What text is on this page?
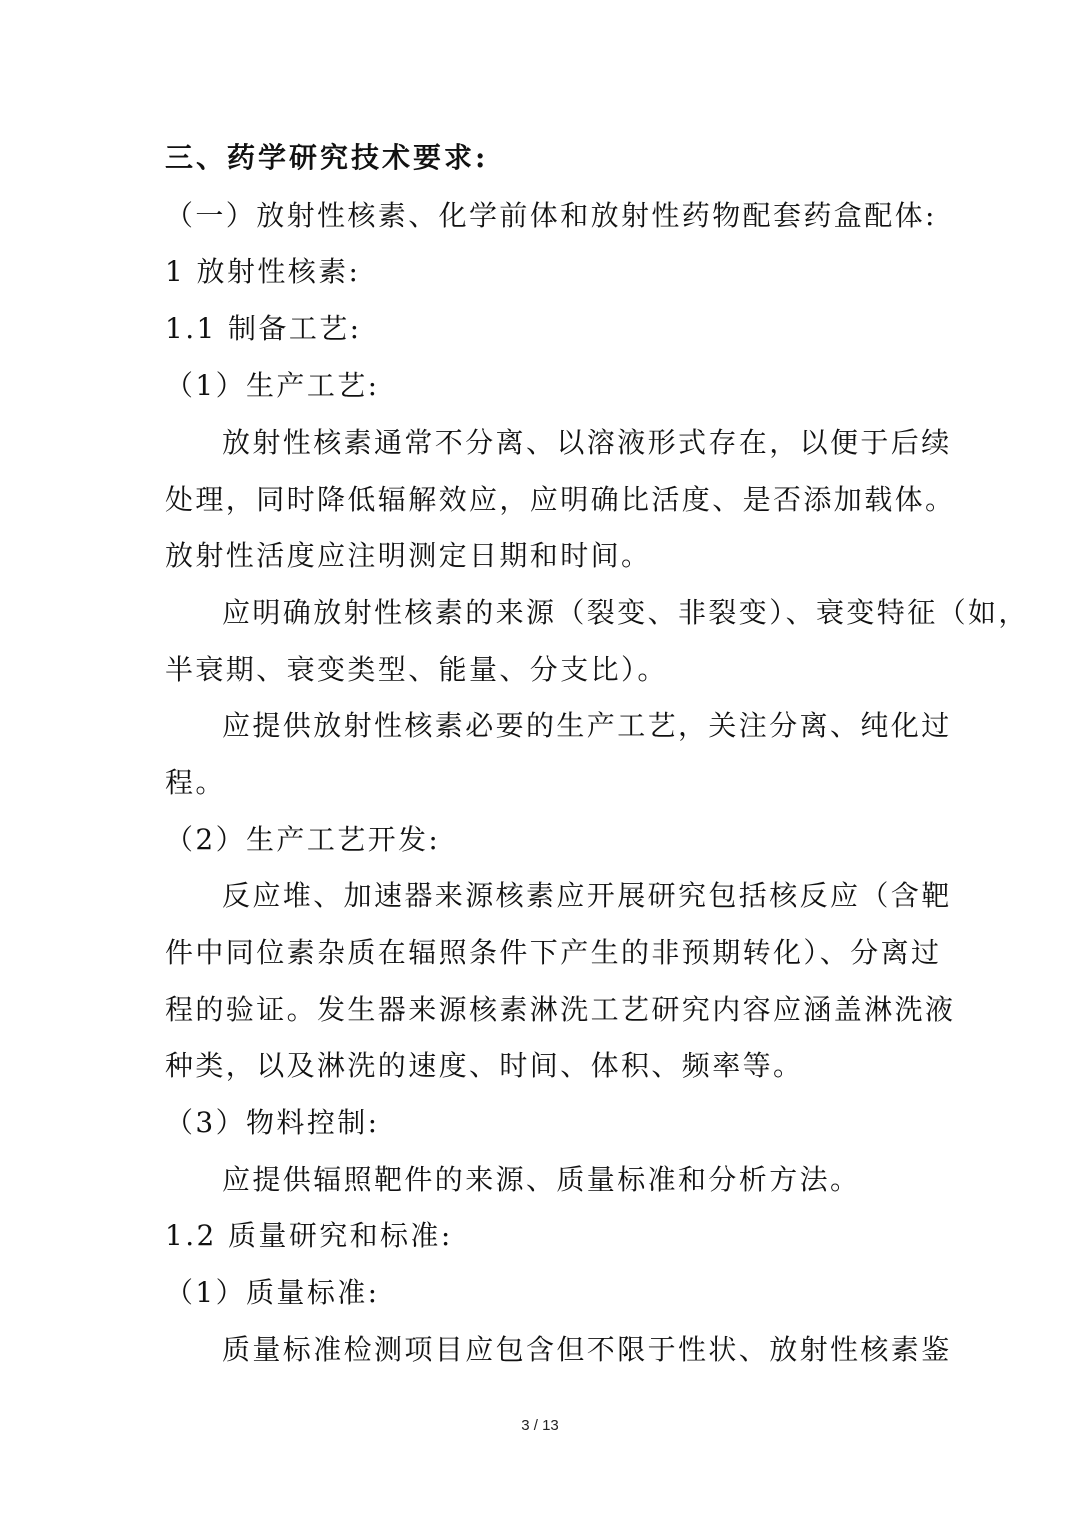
三、药学研究技术要求:
（一）放射性核素、化学前体和放射性药物配套药盒配体:
1 放射性核素:
1.1 制备工艺:
（1）生产工艺:
放射性核素通常不分离、以溶液形式存在，以便于后续
处理，同时降低辐解效应，应明确比活度、是否添加载体。
放射性活度应注明测定日期和时间。
应明确放射性核素的来源（裂变、非裂变）、衰变特征（如，
半衰期、衰变类型、能量、分支比）。
应提供放射性核素必要的生产工艺，关注分离、纯化过
程。
（2）生产工艺开发:
反应堆、加速器来源核素应开展研究包括核反应（含靶
件中同位素杂质在辐照条件下产生的非预期转化）、分离过
程的验证。发生器来源核素淋洗工艺研究内容应涵盖淋洗液
种类，以及淋洗的速度、时间、体积、频率等。
（3）物料控制:
应提供辐照靶件的来源、质量标准和分析方法。
1.2 质量研究和标准:
（1）质量标准:
质量标准检测项目应包含但不限于性状、放射性核素鉴
3 / 13
